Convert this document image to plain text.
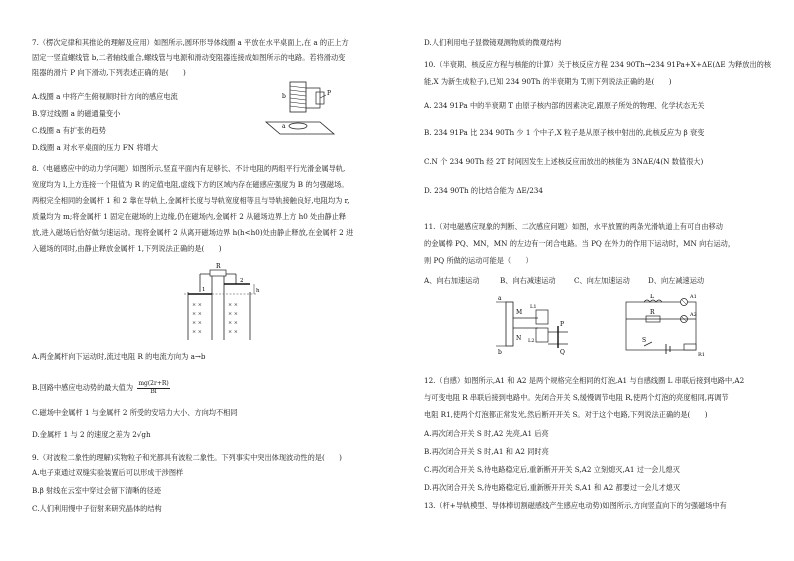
7.（楞次定律和其推论的理解及应用）如图所示,圆环形导体线圈 a 平放在水平桌面上,在 a 的正上方
固定一竖直螺线管 b,二者轴线重合,螺线管与电源和滑动变阻器连接成如图所示的电路。若将滑动变
阻器的滑片 P 向下滑动,下列表述正确的是(　　)
b	P
a
A.线圈 a 中将产生俯视顺时针方向的感应电流
B.穿过线圈 a 的磁通量变小
C.线圈 a 有扩张的趋势
D.线圈 a 对水平桌面的压力 FN 将增大
8.（电磁感应中的动力学问题）如图所示,竖直平面内有足够长、不计电阻的两组平行光滑金属导轨,
宽度均为 l,上方连接一个阻值为 R 的定值电阻,虚线下方的区域内存在磁感应强度为 B 的匀强磁场。
两根完全相同的金属杆 1 和 2 靠在导轨上,金属杆长度与导轨宽度相等且与导轨接触良好,电阻均为 r,
质量均为 m;将金属杆 1 固定在磁场的上边缘,仍在磁场内,金属杆 2 从磁场边界上方 h0 处由静止释
放,进入磁场后恰好做匀速运动。现将金属杆 2 从离开磁场边界 h(h<h0)处由静止释放,在金属杆 2 进
入磁场的同时,由静止释放金属杆 1,下列说法正确的是(　　)
× ×	× ×
× ×	× ×
× ×	× ×
× ×	× ×
R
1
2
h
A.两金属杆向下运动时,流过电阻 R 的电流方向为 a→b
B.回路中感应电动势的最大值为 $\frac{mg(2r+R)}{Bl}$
C.磁场中金属杆 1 与金属杆 2 所受的安培力大小、方向均不相同
D.金属杆 1 与 2 的速度之差为 2√gh
9.（对波粒二象性的理解)实物粒子和光都具有波粒二象性。下列事实中突出体现波动性的是(　　)
A.电子束通过双缝实验装置后可以形成干涉图样
B.β 射线在云室中穿过会留下清晰的径迹
C.人们利用慢中子衍射来研究晶体的结构
D.人们利用电子显微镜观测物质的微观结构
10.（半衰期、核反应方程与核能的计算）关于核反应方程 234 90Th→234 91Pa+X+ΔE(ΔE 为释放出的核
能,X 为新生成粒子),已知 234 90Th 的半衰期为 T,则下列说法正确的是(　　)
A. 234 91Pa 中的半衰期 T 由原子核内部的因素决定,跟原子所处的物理、化学状态无关
B. 234 91Pa 比 234 90Th 少 1 个中子,X 粒子是从原子核中射出的,此核反应为 β 衰变
C.N 个 234 90Th 经 2T 时间因发生上述核反应而放出的核能为 3NΔE/4(N 数值很大)
D. 234 90Th 的比结合能为 ΔE/234
11.（对电磁感应现象的判断、二次感应问题）如图，水平放置的两条光滑轨道上有可自由移动
的金属棒 PQ、MN，MN 的左边有一闭合电路。当 PQ 在外力的作用下运动时，MN 向右运动，
则 PQ 所做的运动可能是（　　）
A、向右加速运动	B、向右减速运动	C、向左加速运动	D、向左减速运动
a
b
M
N
L1
L2
P
Q
L	A1
A2
R
S
R1
12.（自感）如图所示,A1 和 A2 是两个规格完全相同的灯泡,A1 与自感线圈 L 串联后接到电路中,A2
与可变电阻 R 串联后接到电路中。先闭合开关 S,缓慢调节电阻 R,使两个灯泡的亮度相同,再调节
电阻 R1,使两个灯泡都正常发光,然后断开开关 S。对于这个电路,下列说法正确的是(　　)
A.再次闭合开关 S 时,A2 先亮,A1 后亮
B.再次闭合开关 S 时,A1 和 A2 同时亮
C.再次闭合开关 S,待电路稳定后,重新断开开关 S,A2 立刻熄灭,A1 过一会儿熄灭
D.再次闭合开关 S,待电路稳定后,重新断开开关 S,A1 和 A2 都要过一会儿才熄灭
13.（杆+导轨模型、导体棒切割磁感线产生感应电动势)如图所示,方向竖直向下的匀强磁场中有
